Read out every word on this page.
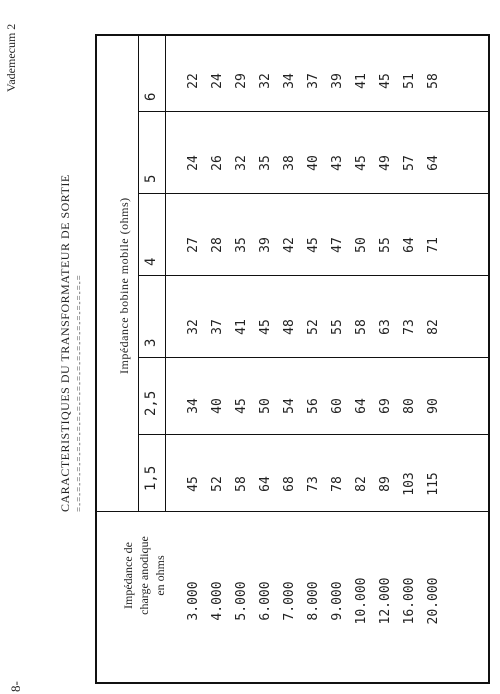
8-
Vademecum 2
CARACTERISTIQUES DU TRANSFORMATEUR DE SORTIE =-=-=-=-=-=-=-=-=-=-=-=-=-=-=-=-=-=-=-=-=-=-=-=
Impédance de charge anodique en ohms
Impédance bobine mobile (ohms)
1,5
2,5
3
4
5
6
3.000
45
34
32
27
24
22
4.000
52
40
37
28
26
24
5.000
58
45
41
35
32
29
6.000
64
50
45
39
35
32
7.000
68
54
48
42
38
34
8.000
73
56
52
45
40
37
9.000
78
60
55
47
43
39
10.000
82
64
58
50
45
41
12.000
89
69
63
55
49
45
16.000
103
80
73
64
57
51
20.000
115
90
82
71
64
58
